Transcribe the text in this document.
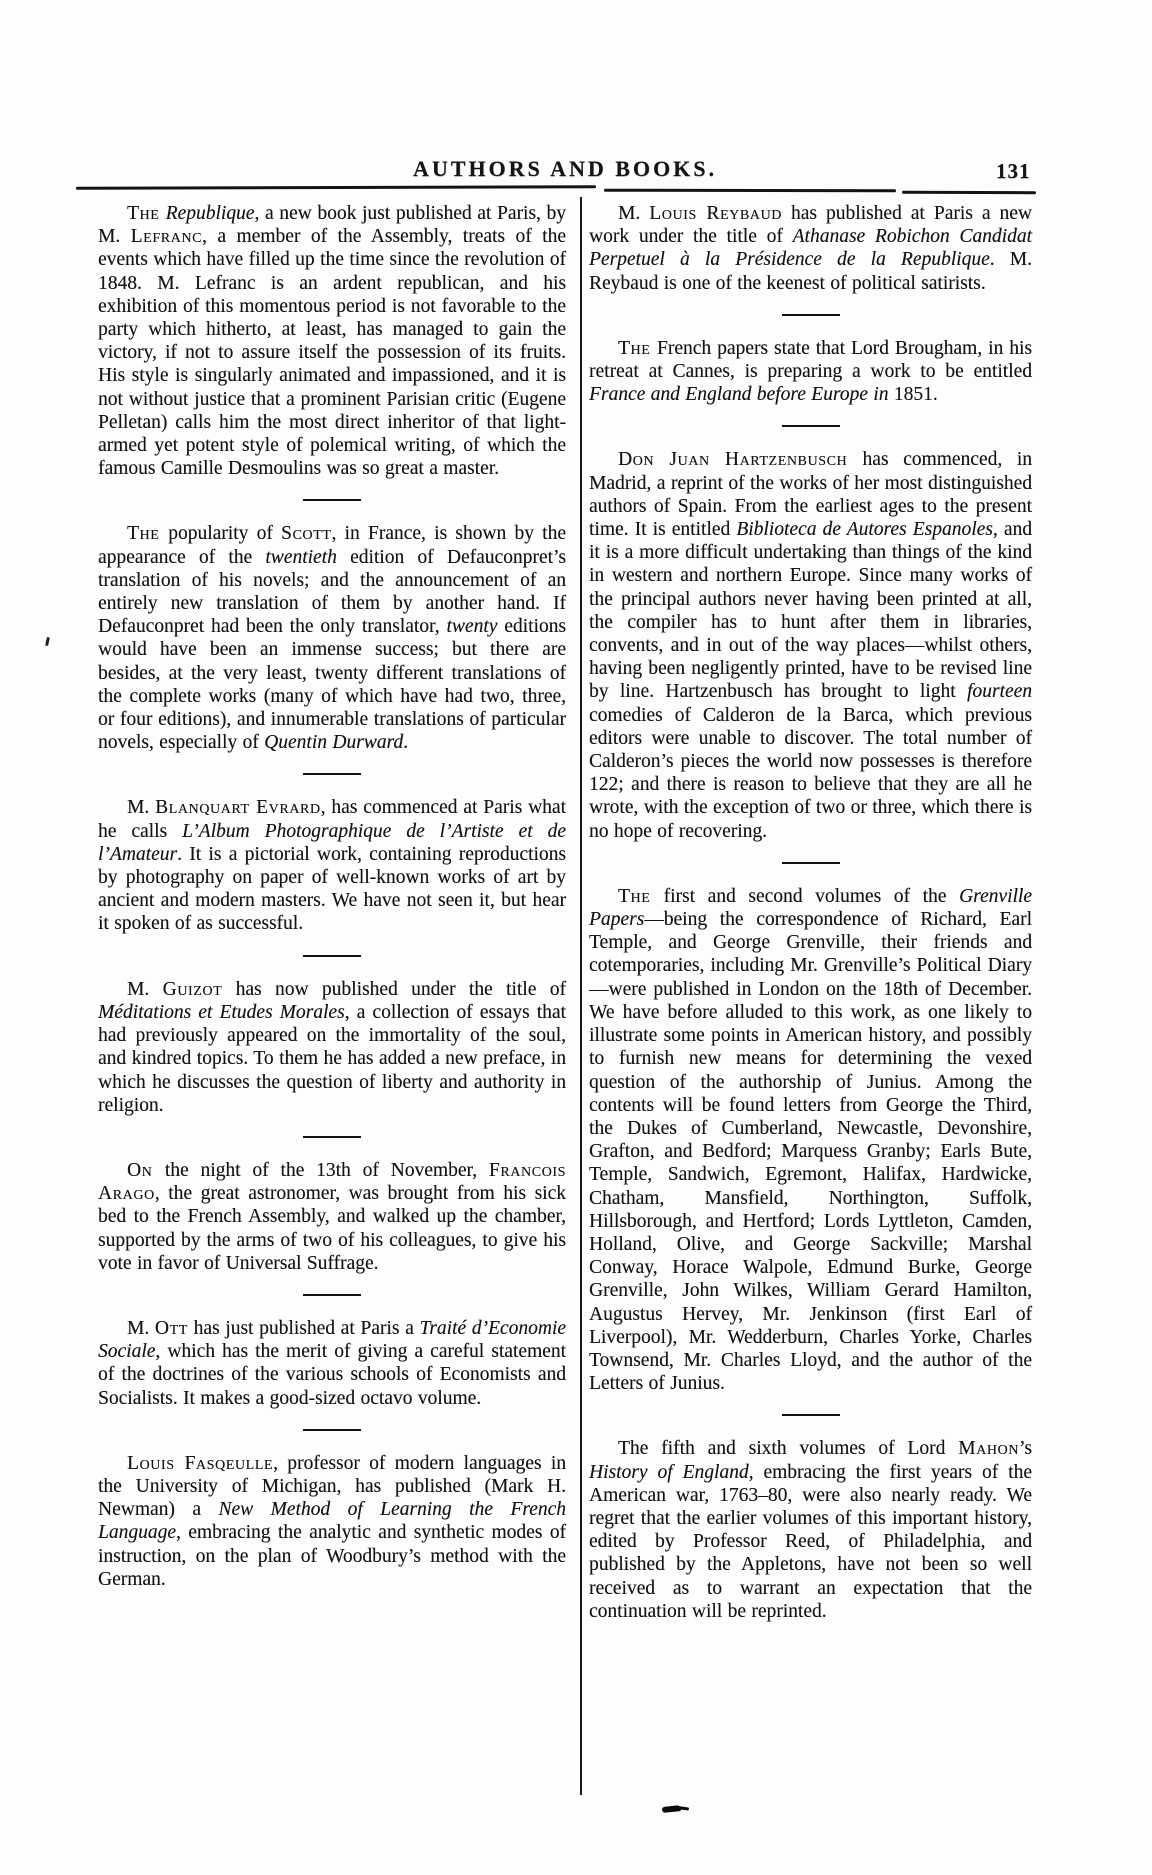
AUTHORS AND BOOKS.	131

The Republique, a new book just published at Paris, by M. Lefranc, a member of the Assembly, treats of the events which have filled up the time since the revolution of 1848. M. Lefranc is an ardent republican, and his exhibition of this momentous period is not favorable to the party which hitherto, at least, has managed to gain the victory, if not to assure itself the possession of its fruits. His style is singularly animated and impassioned, and it is not without justice that a prominent Parisian critic (Eugene Pelletan) calls him the most direct inheritor of that light-armed yet potent style of polemical writing, of which the famous Camille Desmoulins was so great a master.

The popularity of Scott, in France, is shown by the appearance of the twentieth edition of Defauconpret’s translation of his novels; and the announcement of an entirely new translation of them by another hand. If Defauconpret had been the only translator, twenty editions would have been an immense success; but there are besides, at the very least, twenty different translations of the complete works (many of which have had two, three, or four editions), and innumerable translations of particular novels, especially of Quentin Durward.

M. Blanquart Evrard, has commenced at Paris what he calls L’Album Photographique de l’Artiste et de l’Amateur. It is a pictorial work, containing reproductions by photography on paper of well-known works of art by ancient and modern masters. We have not seen it, but hear it spoken of as successful.

M. Guizot has now published under the title of Méditations et Etudes Morales, a collection of essays that had previously appeared on the immortality of the soul, and kindred topics. To them he has added a new preface, in which he discusses the question of liberty and authority in religion.

On the night of the 13th of November, Francois Arago, the great astronomer, was brought from his sick bed to the French Assembly, and walked up the chamber, supported by the arms of two of his colleagues, to give his vote in favor of Universal Suffrage.

M. Ott has just published at Paris a Traité d’Economie Sociale, which has the merit of giving a careful statement of the doctrines of the various schools of Economists and Socialists. It makes a good-sized octavo volume.

Louis Fasqeulle, professor of modern languages in the University of Michigan, has published (Mark H. Newman) a New Method of Learning the French Language, embracing the analytic and synthetic modes of instruction, on the plan of Woodbury’s method with the German.

M. Louis Reybaud has published at Paris a new work under the title of Athanase Robichon Candidat Perpetuel à la Présidence de la Republique. M. Reybaud is one of the keenest of political satirists.

The French papers state that Lord Brougham, in his retreat at Cannes, is preparing a work to be entitled France and England before Europe in 1851.

Don Juan Hartzenbusch has commenced, in Madrid, a reprint of the works of her most distinguished authors of Spain. From the earliest ages to the present time. It is entitled Biblioteca de Autores Espanoles, and it is a more difficult undertaking than things of the kind in western and northern Europe. Since many works of the principal authors never having been printed at all, the compiler has to hunt after them in libraries, convents, and in out of the way places—whilst others, having been negligently printed, have to be revised line by line. Hartzenbusch has brought to light fourteen comedies of Calderon de la Barca, which previous editors were unable to discover. The total number of Calderon’s pieces the world now possesses is therefore 122; and there is reason to believe that they are all he wrote, with the exception of two or three, which there is no hope of recovering.

The first and second volumes of the Grenville Papers—being the correspondence of Richard, Earl Temple, and George Grenville, their friends and cotemporaries, including Mr. Grenville’s Political Diary—were published in London on the 18th of December. We have before alluded to this work, as one likely to illustrate some points in American history, and possibly to furnish new means for determining the vexed question of the authorship of Junius. Among the contents will be found letters from George the Third, the Dukes of Cumberland, Newcastle, Devonshire, Grafton, and Bedford; Marquess Granby; Earls Bute, Temple, Sandwich, Egremont, Halifax, Hardwicke, Chatham, Mansfield, Northington, Suffolk, Hillsborough, and Hertford; Lords Lyttleton, Camden, Holland, Olive, and George Sackville; Marshal Conway, Horace Walpole, Edmund Burke, George Grenville, John Wilkes, William Gerard Hamilton, Augustus Hervey, Mr. Jenkinson (first Earl of Liverpool), Mr. Wedderburn, Charles Yorke, Charles Townsend, Mr. Charles Lloyd, and the author of the Letters of Junius.

The fifth and sixth volumes of Lord Mahon’s History of England, embracing the first years of the American war, 1763–80, were also nearly ready. We regret that the earlier volumes of this important history, edited by Professor Reed, of Philadelphia, and published by the Appletons, have not been so well received as to warrant an expectation that the continuation will be reprinted.
